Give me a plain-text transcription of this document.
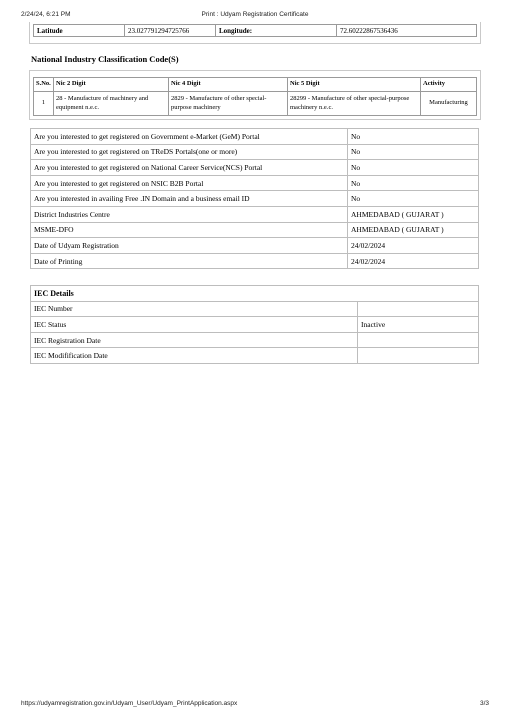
2/24/24, 6:21 PM	Print : Udyam Registration Certificate
Latitude	23.027791294725766	Longitude:	72.60222867536436
National Industry Classification Code(S)
S.No.	Nic 2 Digit	Nic 4 Digit	Nic 5 Digit	Activity
1	28 - Manufacture of machinery and equipment n.e.c.	2829 - Manufacture of other special-purpose machinery	28299 - Manufacture of other special-purpose machinery n.e.c.	Manufacturing
Are you interested to get registered on Government e-Market (GeM) Portal	No
Are you interested to get registered on TReDS Portals(one or more)	No
Are you interested to get registered on National Career Service(NCS) Portal	No
Are you interested to get registered on NSIC B2B Portal	No
Are you interested in availing Free .IN Domain and a business email ID	No
District Industries Centre	AHMEDABAD ( GUJARAT )
MSME-DFO	AHMEDABAD ( GUJARAT )
Date of Udyam Registration	24/02/2024
Date of Printing	24/02/2024
IEC Details	
IEC Number	
IEC Status	Inactive
IEC Registration Date	
IEC Modifification Date	
https://udyamregistration.gov.in/Udyam_User/Udyam_PrintApplication.aspx	3/3
